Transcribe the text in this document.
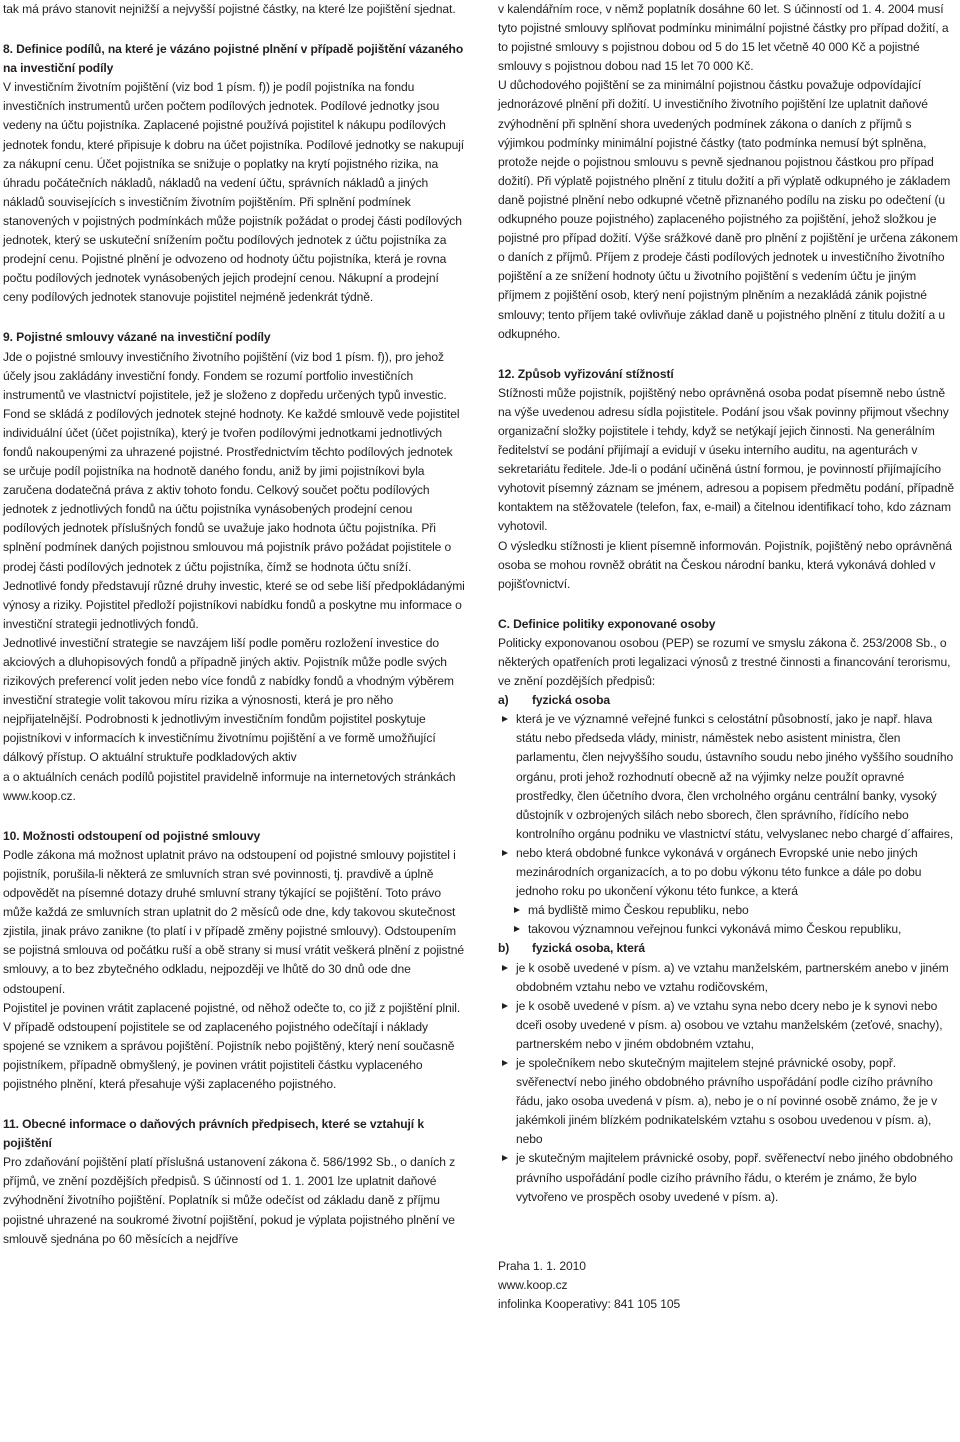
tak má právo stanovit nejnižší a nejvyšší pojistné částky, na které lze pojištění sjednat.

8. Definice podílů, na které je vázáno pojistné plnění v případě pojištění vázaného na investiční podíly

V investičním životním pojištění (viz bod 1 písm. f)) je podíl pojistníka na fondu investičních instrumentů určen počtem podílových jednotek. Podílové jednotky jsou vedeny na účtu pojistníka. Zaplacené pojistné používá pojistitel k nákupu podílových jednotek fondu, které připisuje k dobru na účet pojistníka. Podílové jednotky se nakupují za nákupní cenu. Účet pojistníka se snižuje o poplatky na krytí pojistného rizika, na úhradu počátečních nákladů, nákladů na vedení účtu, správních nákladů a jiných nákladů souvisejících s investičním životním pojištěním. Při splnění podmínek stanovených v pojistných podmínkách může pojistník požádat o prodej části podílových jednotek, který se uskuteční snížením počtu podílových jednotek z účtu pojistníka za prodejní cenu. Pojistné plnění je odvozeno od hodnoty účtu pojistníka, která je rovna počtu podílových jednotek vynásobených jejich prodejní cenou. Nákupní a prodejní ceny podílových jednotek stanovuje pojistitel nejméně jedenkrát týdně.

9. Pojistné smlouvy vázané na investiční podíly

Jde o pojistné smlouvy investičního životního pojištění (viz bod 1 písm. f)), pro jehož účely jsou zakládány investiční fondy. Fondem se rozumí portfolio investičních instrumentů ve vlastnictví pojistitele, jež je složeno z dopředu určených typů investic. Fond se skládá z podílových jednotek stejné hodnoty. Ke každé smlouvě vede pojistitel individuální účet (účet pojistníka), který je tvořen podílovými jednotkami jednotlivých fondů nakoupenými za uhrazené pojistné. Prostřednictvím těchto podílových jednotek se určuje podíl pojistníka na hodnotě daného fondu, aniž by jimi pojistníkovi byla zaručena dodatečná práva z aktiv tohoto fondu. Celkový součet počtu podílových jednotek z jednotlivých fondů na účtu pojistníka vynásobených prodejní cenou podílových jednotek příslušných fondů se uvažuje jako hodnota účtu pojistníka. Při splnění podmínek daných pojistnou smlouvou má pojistník právo požádat pojistitele o prodej části podílových jednotek z účtu pojistníka, čímž se hodnota účtu sníží. Jednotlivé fondy představují různé druhy investic, které se od sebe liší předpokládanými výnosy a riziky. Pojistitel předloží pojistníkovi nabídku fondů a poskytne mu informace o investiční strategii jednotlivých fondů.

Jednotlivé investiční strategie se navzájem liší podle poměru rozložení investice do akciových a dluhopisových fondů a případně jiných aktiv. Pojistník může podle svých rizikových preferencí volit jeden nebo více fondů z nabídky fondů a vhodným výběrem investiční strategie volit takovou míru rizika a výnosnosti, která je pro něho nejpřijatelnější. Podrobnosti k jednotlivým investičním fondům pojistitel poskytuje pojistníkovi v informacích k investičnímu životnímu pojištění a ve formě umožňující dálkový přístup. O aktuální struktuře podkladových aktiv

a o aktuálních cenách podílů pojistitel pravidelně informuje na internetových stránkách www.koop.cz.

10. Možnosti odstoupení od pojistné smlouvy

Podle zákona má možnost uplatnit právo na odstoupení od pojistné smlouvy pojistitel i pojistník, porušila-li některá ze smluvních stran své povinnosti, tj. pravdivě a úplně odpovědět na písemné dotazy druhé smluvní strany týkající se pojištění. Toto právo může každá ze smluvních stran uplatnit do 2 měsíců ode dne, kdy takovou skutečnost zjistila, jinak právo zanikne (to platí i v případě změny pojistné smlouvy). Odstoupením se pojistná smlouva od počátku ruší a obě strany si musí vrátit veškerá plnění z pojistné smlouvy, a to bez zbytečného odkladu, nejpozději ve lhůtě do 30 dnů ode dne odstoupení.

Pojistitel je povinen vrátit zaplacené pojistné, od něhož odečte to, co již z pojištění plnil. V případě odstoupení pojistitele se od zaplaceného pojistného odečítají i náklady spojené se vznikem a správou pojištění. Pojistník nebo pojištěný, který není současně pojistníkem, případně obmyšlený, je povinen vrátit pojistiteli částku vyplaceného pojistného plnění, která přesahuje výši zaplaceného pojistného.

11. Obecné informace o daňových právních předpisech, které se vztahují k pojištění

Pro zdaňování pojištění platí příslušná ustanovení zákona č. 586/1992 Sb., o daních z příjmů, ve znění pozdějších předpisů. S účinností od 1. 1. 2001 lze uplatnit daňové zvýhodnění životního pojištění. Poplatník si může odečíst od základu daně z příjmu pojistné uhrazené na soukromé životní pojištění, pokud je výplata pojistného plnění ve smlouvě sjednána po 60 měsících a nejdříve

v kalendářním roce, v němž poplatník dosáhne 60 let. S účinností od 1. 4. 2004 musí tyto pojistné smlouvy splňovat podmínku minimální pojistné částky pro případ dožití, a to pojistné smlouvy s pojistnou dobou od 5 do 15 let včetně 40 000 Kč a pojistné smlouvy s pojistnou dobou nad 15 let 70 000 Kč.

U důchodového pojištění se za minimální pojistnou částku považuje odpovídající jednorázové plnění při dožití. U investičního životního pojištění lze uplatnit daňové zvýhodnění při splnění shora uvedených podmínek zákona o daních z příjmů s výjimkou podmínky minimální pojistné částky (tato podmínka nemusí být splněna, protože nejde o pojistnou smlouvu s pevně sjednanou pojistnou částkou pro případ dožití). Při výplatě pojistného plnění z titulu dožití a při výplatě odkupného je základem daně pojistné plnění nebo odkupné včetně přiznaného podílu na zisku po odečtení (u odkupného pouze pojistného) zaplaceného pojistného za pojištění, jehož složkou je pojistné pro případ dožití. Výše srážkové daně pro plnění z pojištění je určena zákonem o daních z příjmů. Příjem z prodeje části podílových jednotek u investičního životního pojištění a ze snížení hodnoty účtu u životního pojištění s vedením účtu je jiným příjmem z pojištění osob, který není pojistným plněním a nezakládá zánik pojistné smlouvy; tento příjem také ovlivňuje základ daně u pojistného plnění z titulu dožití a u odkupného.

12. Způsob vyřizování stížností

Stížnosti může pojistník, pojištěný nebo oprávněná osoba podat písemně nebo ústně na výše uvedenou adresu sídla pojistitele. Podání jsou však povinny přijmout všechny organizační složky pojistitele i tehdy, když se netýkají jejich činnosti. Na generálním ředitelství se podání přijímají a evidují v úseku interního auditu, na agenturách v sekretariátu ředitele. Jde-li o podání učiněná ústní formou, je povinností přijímajícího vyhotovit písemný záznam se jménem, adresou a popisem předmětu podání, případně kontaktem na stěžovatele (telefon, fax, e-mail) a čitelnou identifikací toho, kdo záznam vyhotovil.

O výsledku stížnosti je klient písemně informován. Pojistník, pojištěný nebo oprávněná osoba se mohou rovněž obrátit na Českou národní banku, která vykonává dohled v pojišťovnictví.

C. Definice politiky exponované osoby

Politicky exponovanou osobou (PEP) se rozumí ve smyslu zákona č. 253/2008 Sb., o některých opatřeních proti legalizaci výnosů z trestné činnosti a financování terorismu, ve znění pozdějších předpisů:

a)	fyzická osoba
která je ve významné veřejné funkci s celostátní působností, jako je např. hlava státu nebo předseda vlády, ministr, náměstek nebo asistent ministra, člen parlamentu, člen nejvyššího soudu, ústavního soudu nebo jiného vyššího soudního orgánu, proti jehož rozhodnutí obecně až na výjimky nelze použít opravné prostředky, člen účetního dvora, člen vrcholného orgánu centrální banky, vysoký důstojník v ozbrojených silách nebo sborech, člen správního, řídícího nebo kontrolního orgánu podniku ve vlastnictví státu, velvyslanec nebo chargé d´affaires,
nebo která obdobné funkce vykonává v orgánech Evropské unie nebo jiných mezinárodních organizacích, a to po dobu výkonu této funkce a dále po dobu jednoho roku po ukončení výkonu této funkce, a která
má bydliště mimo Českou republiku, nebo
takovou významnou veřejnou funkci vykonává mimo Českou republiku,
b)	fyzická osoba, která
je k osobě uvedené v písm. a) ve vztahu manželském, partnerském anebo v jiném obdobném vztahu nebo ve vztahu rodičovském,
je k osobě uvedené v písm. a) ve vztahu syna nebo dcery nebo je k synovi nebo dceři osoby uvedené v písm. a) osobou ve vztahu manželském (zeťové, snachy), partnerském nebo v jiném obdobném vztahu,
je společníkem nebo skutečným majitelem stejné právnické osoby, popř. svěřenectví nebo jiného obdobného právního uspořádání podle cizího právního řádu, jako osoba uvedená v písm. a), nebo je o ní povinné osobě známo, že je v jakémkoli jiném blízkém podnikatelském vztahu s osobou uvedenou v písm. a), nebo
je skutečným majitelem právnické osoby, popř. svěřenectví nebo jiného obdobného právního uspořádání podle cizího právního řádu, o kterém je známo, že bylo vytvořeno ve prospěch osoby uvedené v písm. a).

Praha 1. 1. 2010

www.koop.cz

infolinka Kooperativy: 841 105 105
